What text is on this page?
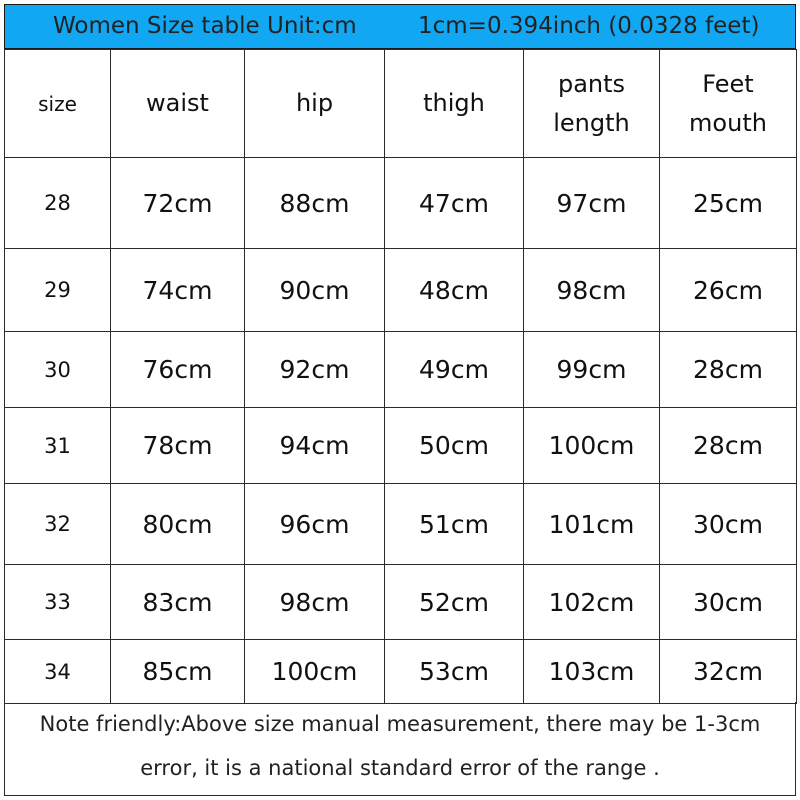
Women Size table Unit:cm	1cm=0.394inch (0.0328 feet)
size	waist	hip	thigh	pants length	Feet mouth
28	72cm	88cm	47cm	97cm	25cm
29	74cm	90cm	48cm	98cm	26cm
30	76cm	92cm	49cm	99cm	28cm
31	78cm	94cm	50cm	100cm	28cm
32	80cm	96cm	51cm	101cm	30cm
33	83cm	98cm	52cm	102cm	30cm
34	85cm	100cm	53cm	103cm	32cm
Note friendly:Above size manual measurement, there may be 1-3cm
error, it is a national standard error of the range .
